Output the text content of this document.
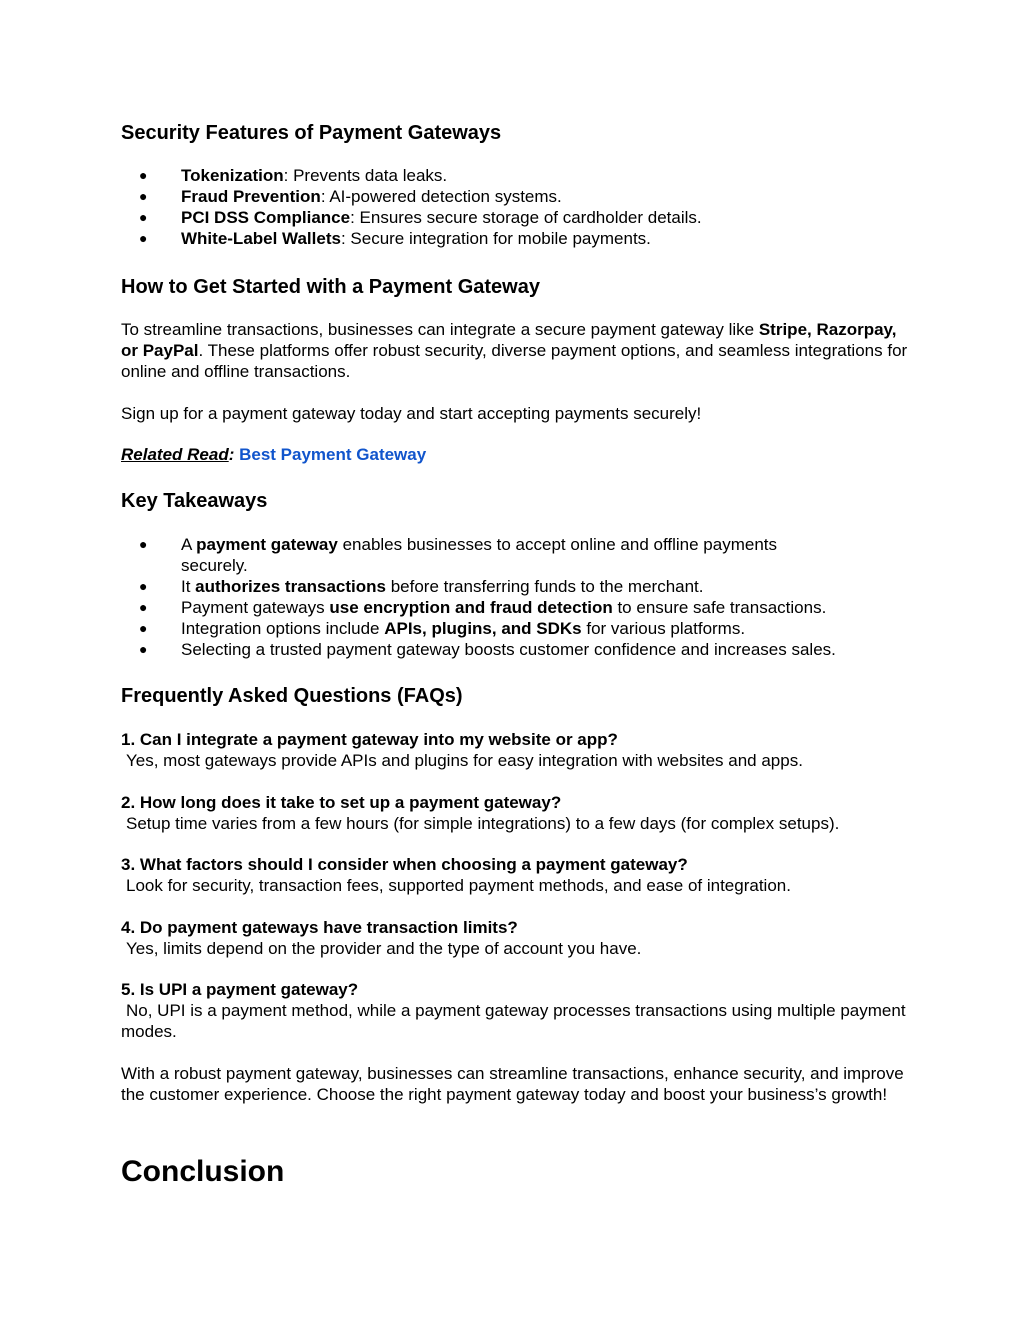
Security Features of Payment Gateways
● Tokenization: Prevents data leaks.
● Fraud Prevention: AI-powered detection systems.
● PCI DSS Compliance: Ensures secure storage of cardholder details.
● White-Label Wallets: Secure integration for mobile payments.
How to Get Started with a Payment Gateway

To streamline transactions, businesses can integrate a secure payment gateway like Stripe, Razorpay, or PayPal. These platforms offer robust security, diverse payment options, and seamless integrations for online and offline transactions.

Sign up for a payment gateway today and start accepting payments securely!

Related Read: Best Payment Gateway

Key Takeaways
● A payment gateway enables businesses to accept online and offline payments securely.
● It authorizes transactions before transferring funds to the merchant.
● Payment gateways use encryption and fraud detection to ensure safe transactions.
● Integration options include APIs, plugins, and SDKs for various platforms.
● Selecting a trusted payment gateway boosts customer confidence and increases sales.
Frequently Asked Questions (FAQs)

1. Can I integrate a payment gateway into my website or app?

Yes, most gateways provide APIs and plugins for easy integration with websites and apps.

2. How long does it take to set up a payment gateway?

Setup time varies from a few hours (for simple integrations) to a few days (for complex setups).

3. What factors should I consider when choosing a payment gateway?

Look for security, transaction fees, supported payment methods, and ease of integration.

4. Do payment gateways have transaction limits?

Yes, limits depend on the provider and the type of account you have.

5. Is UPI a payment gateway?

No, UPI is a payment method, while a payment gateway processes transactions using multiple payment modes.

With a robust payment gateway, businesses can streamline transactions, enhance security, and improve the customer experience. Choose the right payment gateway today and boost your business’s growth!

Conclusion
